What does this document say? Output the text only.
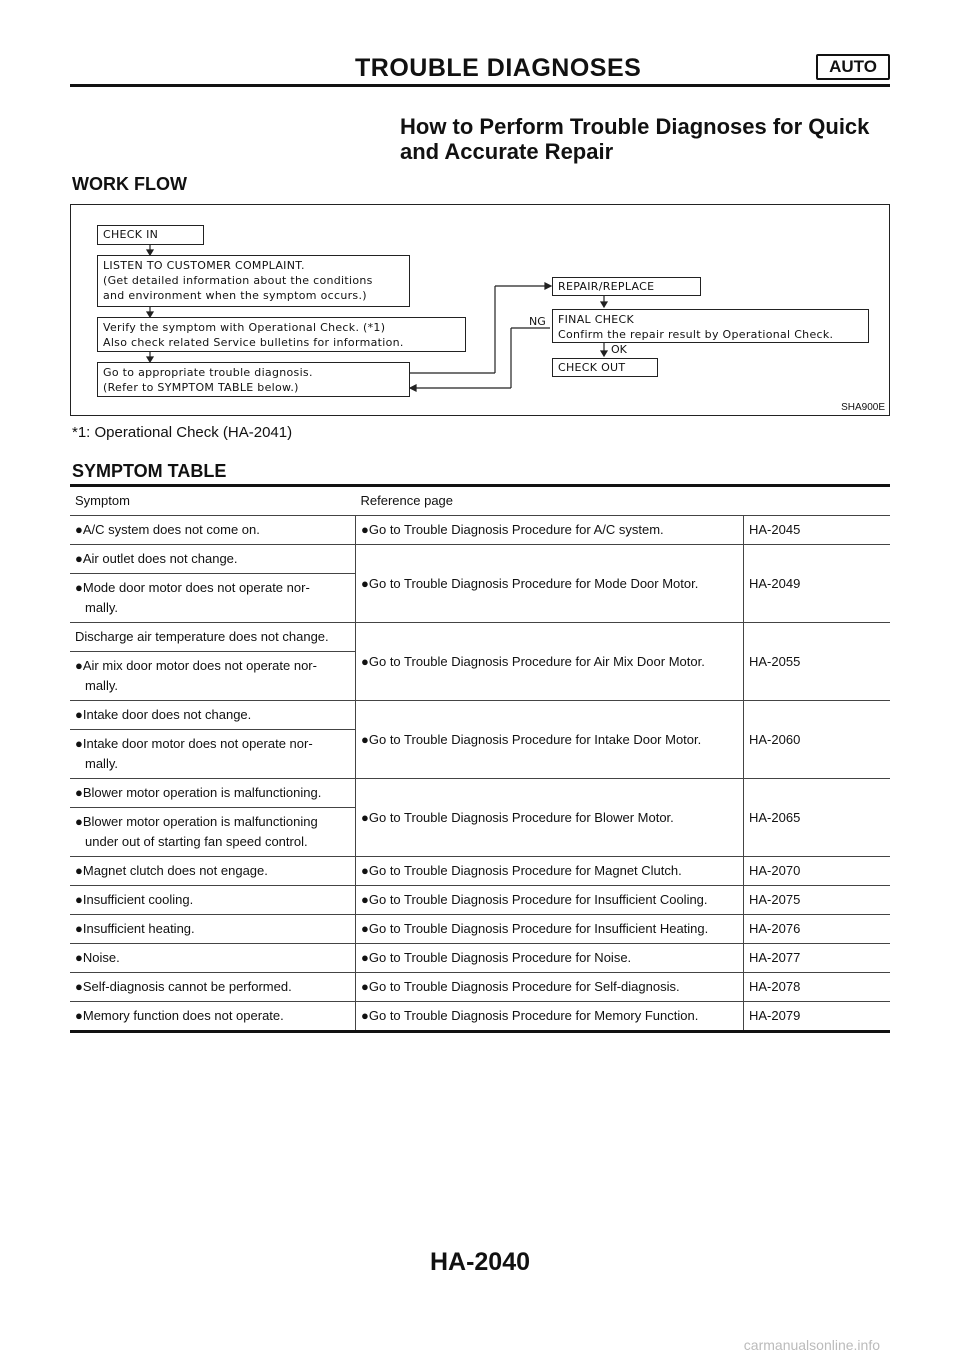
TROUBLE DIAGNOSES	AUTO
How to Perform Trouble Diagnoses for Quick
and Accurate Repair
WORK FLOW
CHECK IN
LISTEN TO CUSTOMER COMPLAINT.
(Get detailed information about the conditions
and environment when the symptom occurs.)
Verify the symptom with Operational Check. (*1)
Also check related Service bulletins for information.
Go to appropriate trouble diagnosis.
(Refer to SYMPTOM TABLE below.)
REPAIR/REPLACE
FINAL CHECK
Confirm the repair result by Operational Check.
CHECK OUT
NG
OK
SHA900E
*1: Operational Check (HA-2041)
SYMPTOM TABLE
Symptom	Reference page	
●A/C system does not come on.	●Go to Trouble Diagnosis Procedure for A/C system.	HA-2045
●Air outlet does not change.	●Go to Trouble Diagnosis Procedure for Mode Door Motor.	HA-2049
●Mode door motor does not operate nor-
mally.		

Discharge air temperature does not change.	●Go to Trouble Diagnosis Procedure for Air Mix Door Motor.	HA-2055
●Air mix door motor does not operate nor-
mally.		

●Intake door does not change.	●Go to Trouble Diagnosis Procedure for Intake Door Motor.	HA-2060
●Intake door motor does not operate nor-
mally.		

●Blower motor operation is malfunctioning.	●Go to Trouble Diagnosis Procedure for Blower Motor.	HA-2065
●Blower motor operation is malfunctioning
under out of starting fan speed control.		

●Magnet clutch does not engage.	●Go to Trouble Diagnosis Procedure for Magnet Clutch.	HA-2070
●Insufficient cooling.	●Go to Trouble Diagnosis Procedure for Insufficient Cooling.	HA-2075
●Insufficient heating.	●Go to Trouble Diagnosis Procedure for Insufficient Heating.	HA-2076
●Noise.	●Go to Trouble Diagnosis Procedure for Noise.	HA-2077
●Self-diagnosis cannot be performed.	●Go to Trouble Diagnosis Procedure for Self-diagnosis.	HA-2078
●Memory function does not operate.	●Go to Trouble Diagnosis Procedure for Memory Function.	HA-2079
HA-2040
carmanualsonline.info
